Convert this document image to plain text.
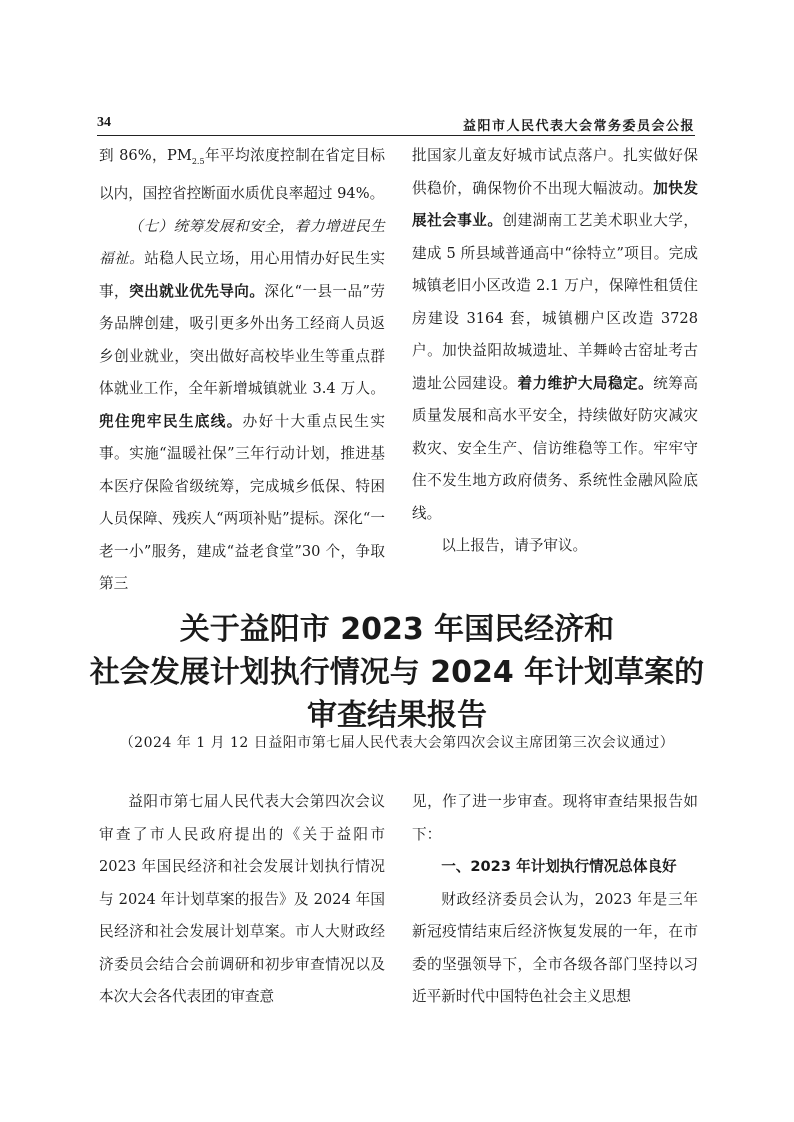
34	益阳市人民代表大会常务委员会公报

到 86%，$PM_{2.5}$年平均浓度控制在省定目标以内，国控省控断面水质优良率超过 94%。

（七）统筹发展和安全，着力增进民生福祉。站稳人民立场，用心用情办好民生实事，突出就业优先导向。深化“一县一品”劳务品牌创建，吸引更多外出务工经商人员返乡创业就业，突出做好高校毕业生等重点群体就业工作，全年新增城镇就业 3.4 万人。兜住兜牢民生底线。办好十大重点民生实事。实施“温暖社保”三年行动计划，推进基本医疗保险省级统筹，完成城乡低保、特困人员保障、残疾人“两项补贴”提标。深化“一老一小”服务，建成“益老食堂”30 个，争取第三

批国家儿童友好城市试点落户。扎实做好保供稳价，确保物价不出现大幅波动。加快发展社会事业。创建湖南工艺美术职业大学，建成 5 所县域普通高中“徐特立”项目。完成城镇老旧小区改造 2.1 万户，保障性租赁住房建设 3164 套，城镇棚户区改造 3728 户。加快益阳故城遗址、羊舞岭古窑址考古遗址公园建设。着力维护大局稳定。统筹高质量发展和高水平安全，持续做好防灾减灾救灾、安全生产、信访维稳等工作。牢牢守住不发生地方政府债务、系统性金融风险底线。

以上报告，请予审议。

关于益阳市 2023 年国民经济和
社会发展计划执行情况与 2024 年计划草案的
审查结果报告
（2024 年 1 月 12 日益阳市第七届人民代表大会第四次会议主席团第三次会议通过）

益阳市第七届人民代表大会第四次会议审查了市人民政府提出的《关于益阳市 2023 年国民经济和社会发展计划执行情况与 2024 年计划草案的报告》及 2024 年国民经济和社会发展计划草案。市人大财政经济委员会结合会前调研和初步审查情况以及本次大会各代表团的审查意

见，作了进一步审查。现将审查结果报告如下：

一、2023 年计划执行情况总体良好

财政经济委员会认为，2023 年是三年新冠疫情结束后经济恢复发展的一年，在市委的坚强领导下，全市各级各部门坚持以习近平新时代中国特色社会主义思想
